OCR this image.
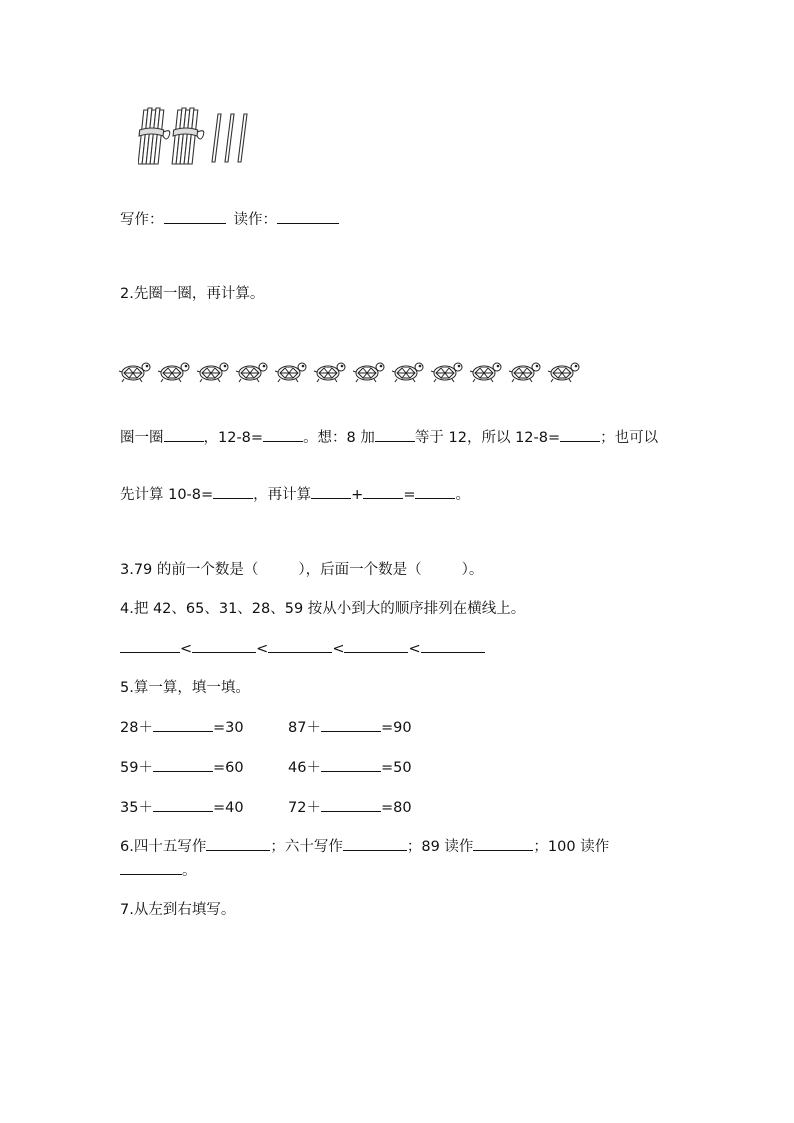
写作：	读作：
2.先圈一圈，再计算。
圈一圈	，12-8=	。想：8 加	等于 12，所以 12-8=	；也可以
先计算 10-8=	，再计算	+	=	。
3.79 的前一个数是（	），后面一个数是（	）。
4.把 42、65、31、28、59 按从小到大的顺序排列在横线上。
<	<	<	<
5.算一算，填一填。
28＋	=30	87＋	=90
59＋	=60	46＋	=50
35＋	=40	72＋	=80
6.四十五写作	；六十写作	；89 读作	；100 读作
。
7.从左到右填写。
